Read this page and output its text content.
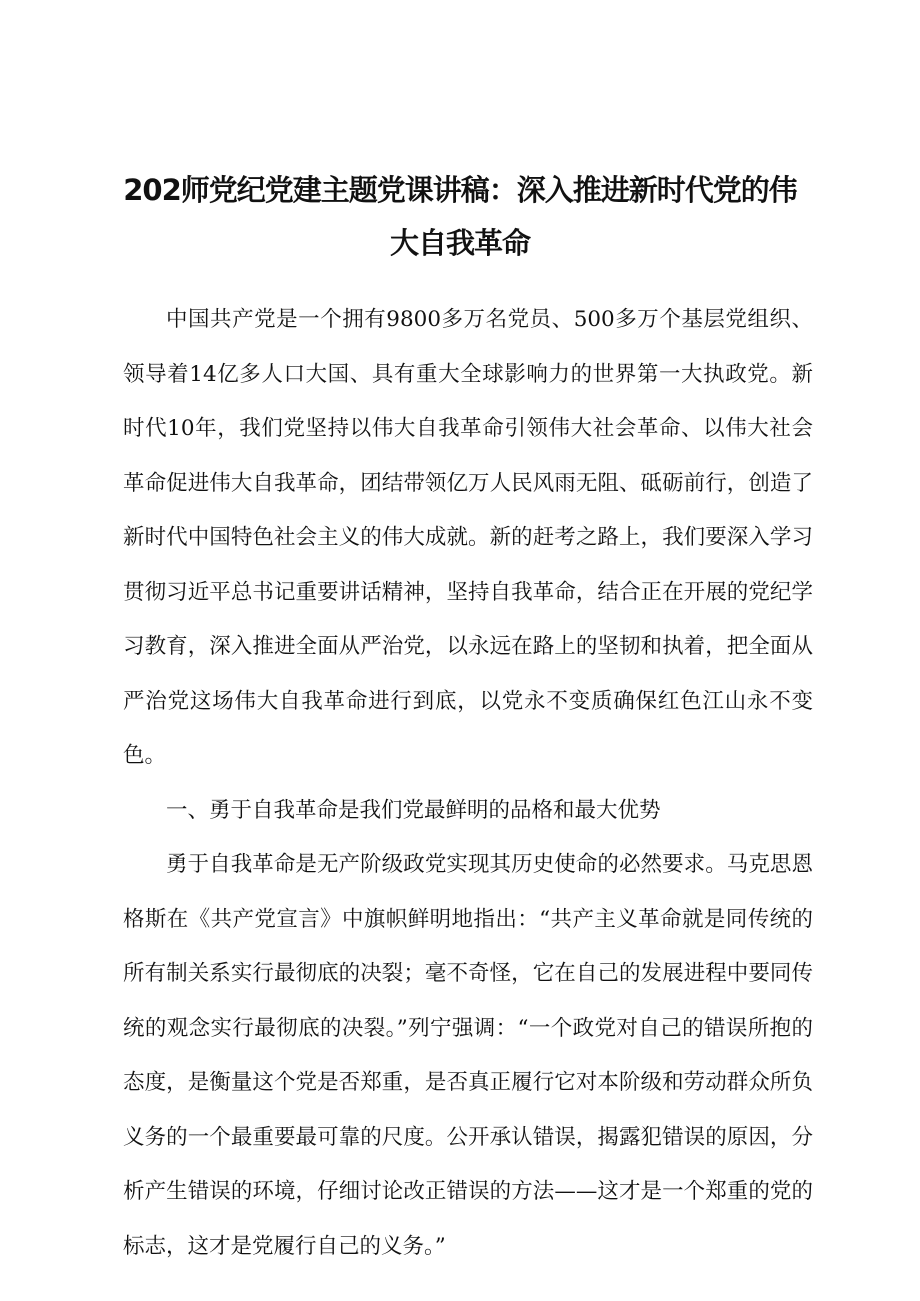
202师党纪党建主题党课讲稿：深入推进新时代党的伟
大自我革命

中国共产党是一个拥有9800多万名党员、500多万个基层党组织、领导着14亿多人口大国、具有重大全球影响力的世界第一大执政党。新时代10年，我们党坚持以伟大自我革命引领伟大社会革命、以伟大社会革命促进伟大自我革命，团结带领亿万人民风雨无阻、砥砺前行，创造了新时代中国特色社会主义的伟大成就。新的赶考之路上，我们要深入学习贯彻习近平总书记重要讲话精神，坚持自我革命，结合正在开展的党纪学习教育，深入推进全面从严治党，以永远在路上的坚韧和执着，把全面从严治党这场伟大自我革命进行到底，以党永不变质确保红色江山永不变色。

一、勇于自我革命是我们党最鲜明的品格和最大优势

勇于自我革命是无产阶级政党实现其历史使命的必然要求。马克思恩格斯在《共产党宣言》中旗帜鲜明地指出：“共产主义革命就是同传统的所有制关系实行最彻底的决裂；毫不奇怪，它在自己的发展进程中要同传统的观念实行最彻底的决裂。”列宁强调：“一个政党对自己的错误所抱的态度，是衡量这个党是否郑重，是否真正履行它对本阶级和劳动群众所负义务的一个最重要最可靠的尺度。公开承认错误，揭露犯错误的原因，分析产生错误的环境，仔细讨论改正错误的方法——这才是一个郑重的党的标志，这才是党履行自己的义务。”
